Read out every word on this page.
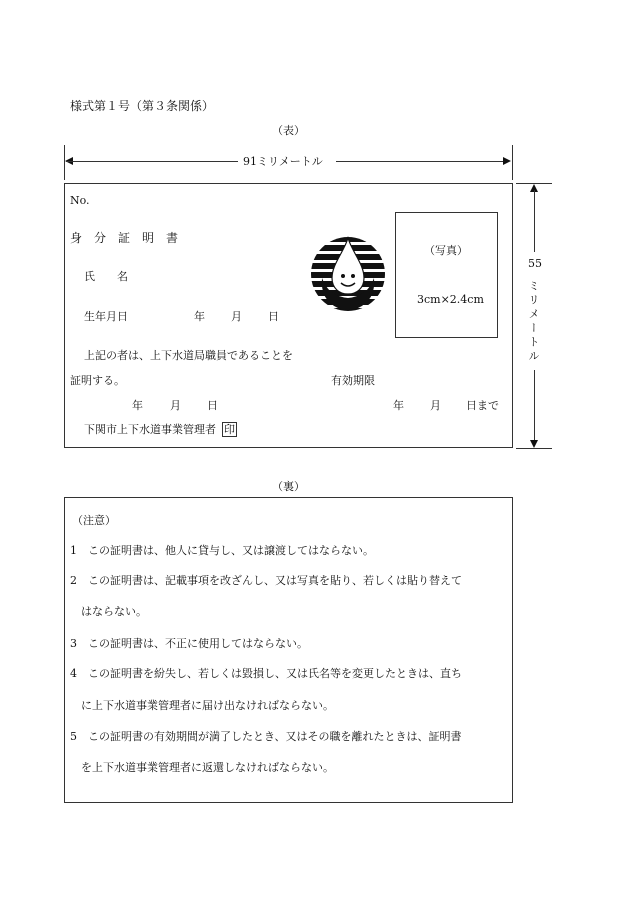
様式第１号（第３条関係）
（表）
91ミリメートル
No.
身　分　証　明　書
氏　　名
生年月日	年 月 日
上記の者は、上下水道局職員であることを
証明する。	有効期限
年 月 日	年 月 日まで
下関市上下水道事業管理者 印
（写真）
3cm×2.4cm
55
ミリメートル
（裏）
（注意）
1　この証明書は、他人に貸与し、又は譲渡してはならない。
2　この証明書は、記載事項を改ざんし、又は写真を貼り、若しくは貼り替えて
はならない。
3　この証明書は、不正に使用してはならない。
4　この証明書を紛失し、若しくは毀損し、又は氏名等を変更したときは、直ち
に上下水道事業管理者に届け出なければならない。
5　この証明書の有効期間が満了したとき、又はその職を離れたときは、証明書
を上下水道事業管理者に返還しなければならない。
